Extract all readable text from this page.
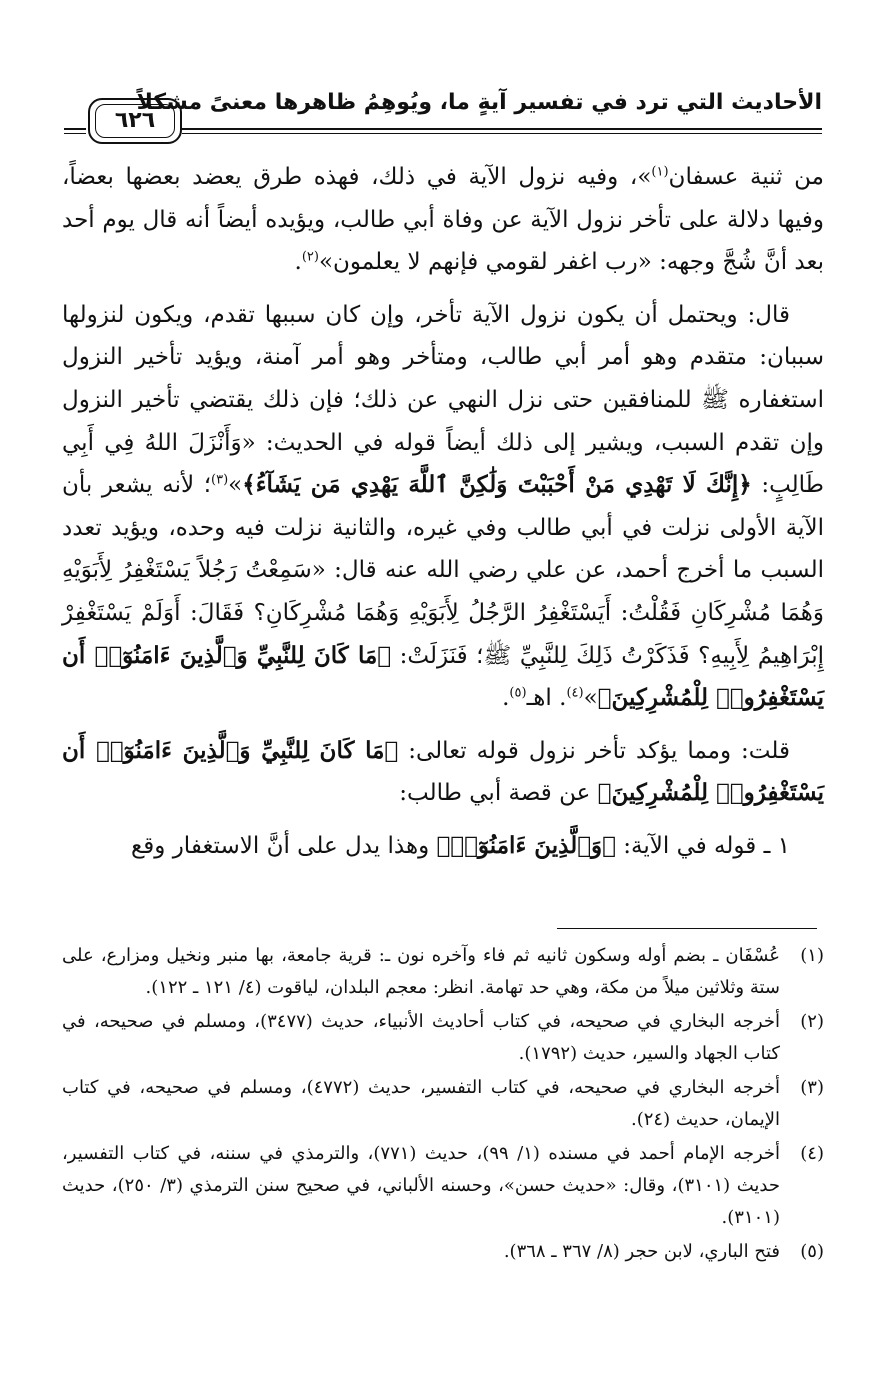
٦٢٦
الأحاديث التي ترد في تفسير آيةٍ ما، ويُوهِمُ ظاهرها معنىً مشكلاً

من ثنية عسفان$^{(١)}$»، وفيه نزول الآية في ذلك، فهذه طرق يعضد بعضها بعضاً، وفيها دلالة على تأخر نزول الآية عن وفاة أبي طالب، ويؤيده أيضاً أنه قال يوم أحد بعد أنَّ شُجَّ وجهه: «رب اغفر لقومي فإنهم لا يعلمون»$^{(٢)}$.

قال: ويحتمل أن يكون نزول الآية تأخر، وإن كان سببها تقدم، ويكون لنزولها سببان: متقدم وهو أمر أبي طالب، ومتأخر وهو أمر آمنة، ويؤيد تأخير النزول استغفاره ﷺ للمنافقين حتى نزل النهي عن ذلك؛ فإن ذلك يقتضي تأخير النزول وإن تقدم السبب، ويشير إلى ذلك أيضاً قوله في الحديث: «وَأَنْزَلَ اللهُ فِي أَبِي طَالِبٍ: ﴿إِنَّكَ لَا تَهْدِي مَنْ أَحْبَبْتَ وَلَٰكِنَّ ٱللَّهَ يَهْدِي مَن يَشَآءُ﴾»$^{(٣)}$؛ لأنه يشعر بأن الآية الأولى نزلت في أبي طالب وفي غيره، والثانية نزلت فيه وحده، ويؤيد تعدد السبب ما أخرج أحمد، عن علي رضي الله عنه قال: «سَمِعْتُ رَجُلاً يَسْتَغْفِرُ لِأَبَوَيْهِ وَهُمَا مُشْرِكَانِ فَقُلْتُ: أَيَسْتَغْفِرُ الرَّجُلُ لِأَبَوَيْهِ وَهُمَا مُشْرِكَانِ؟ فَقَالَ: أَوَلَمْ يَسْتَغْفِرْ إِبْرَاهِيمُ لِأَبِيهِ؟ فَذَكَرْتُ ذَلِكَ لِلنَّبِيِّ ﷺ؛ فَنَزَلَتْ: ﴿مَا كَانَ لِلنَّبِيِّ وَٱلَّذِينَ ءَامَنُوٓا۟ أَن يَسْتَغْفِرُوا۟ لِلْمُشْرِكِينَ﴾»$^{(٤)}$. اهـ$^{(٥)}$.

قلت: ومما يؤكد تأخر نزول قوله تعالى: ﴿مَا كَانَ لِلنَّبِيِّ وَٱلَّذِينَ ءَامَنُوٓا۟ أَن يَسْتَغْفِرُوا۟ لِلْمُشْرِكِينَ﴾ عن قصة أبي طالب:

١ ـ قوله في الآية: ﴿وَٱلَّذِينَ ءَامَنُوٓا۟﴾ وهذا يدل على أنَّ الاستغفار وقع

(١)
عُسْفَان ـ بضم أوله وسكون ثانيه ثم فاء وآخره نون ـ: قرية جامعة، بها منبر ونخيل ومزارع، على ستة وثلاثين ميلاً من مكة، وهي حد تهامة. انظر: معجم البلدان، لياقوت (٤/ ١٢١ ـ ١٢٢).
(٢)
أخرجه البخاري في صحيحه، في كتاب أحاديث الأنبياء، حديث (٣٤٧٧)، ومسلم في صحيحه، في كتاب الجهاد والسير، حديث (١٧٩٢).
(٣)
أخرجه البخاري في صحيحه، في كتاب التفسير، حديث (٤٧٧٢)، ومسلم في صحيحه، في كتاب الإيمان، حديث (٢٤).
(٤)
أخرجه الإمام أحمد في مسنده (١/ ٩٩)، حديث (٧٧١)، والترمذي في سننه، في كتاب التفسير، حديث (٣١٠١)، وقال: «حديث حسن»، وحسنه الألباني، في صحيح سنن الترمذي (٣/ ٢٥٠)، حديث (٣١٠١).
(٥)
فتح الباري، لابن حجر (٨/ ٣٦٧ ـ ٣٦٨).
